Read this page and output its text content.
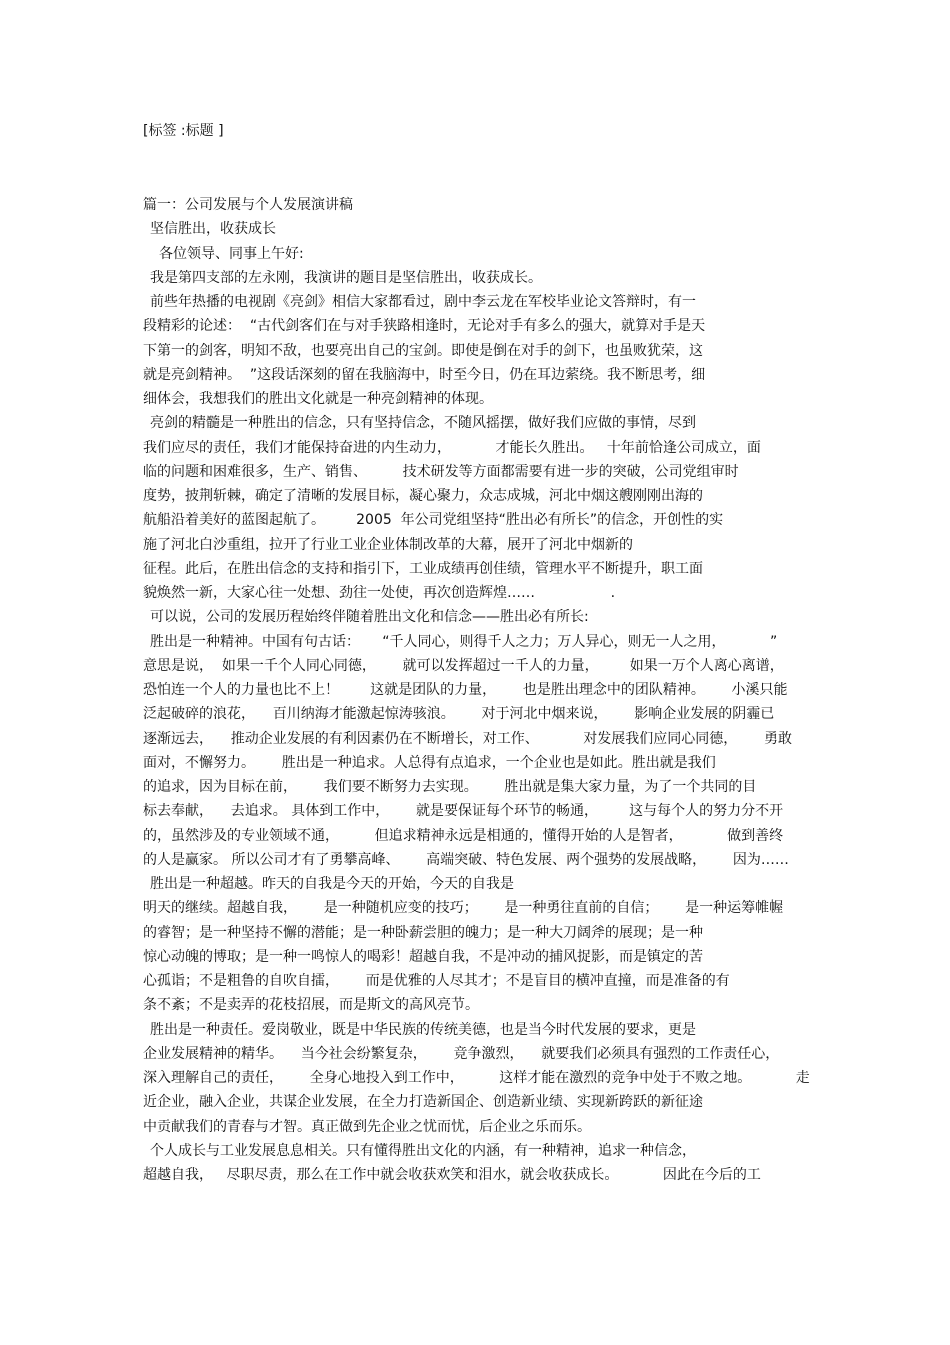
[标签 :标题 ]
篇一：公司发展与个人发展演讲稿
坚信胜出，收获成长
各位领导、同事上午好:
我是第四支部的左永刚，我演讲的题目是坚信胜出，收获成长。
前些年热播的电视剧《亮剑》相信大家都看过，剧中李云龙在军校毕业论文答辩时，有一
段精彩的论述：  “古代剑客们在与对手狭路相逢时，无论对手有多么的强大，就算对手是天
下第一的剑客，明知不敌，也要亮出自己的宝剑。即使是倒在对手的剑下，也虽败犹荣，这
就是亮剑精神。  ”这段话深刻的留在我脑海中，时至今日，仍在耳边萦绕。我不断思考，细
细体会，我想我们的胜出文化就是一种亮剑精神的体现。
亮剑的精髓是一种胜出的信念，只有坚持信念，不随风摇摆，做好我们应做的事情，尽到
我们应尽的责任，我们才能保持奋进的内生动力，          才能长久胜出。   十年前恰逢公司成立，面
临的问题和困难很多，生产、销售、        技术研发等方面都需要有进一步的突破，公司党组审时
度势，披荆斩棘，确定了清晰的发展目标，凝心聚力，众志成城，河北中烟这艘刚刚出海的
航船沿着美好的蓝图起航了。       2005  年公司党组坚持“胜出必有所长”的信念，开创性的实
施了河北白沙重组，拉开了行业工业企业体制改革的大幕，展开了河北中烟新的
征程。此后，在胜出信念的支持和指引下，工业成绩再创佳绩，管理水平不断提升，职工面
貌焕然一新，大家心往一处想、劲往一处使，再次创造辉煌……                 .
可以说，公司的发展历程始终伴随着胜出文化和信念——胜出必有所长:
胜出是一种精神。中国有句古话：     “千人同心，则得千人之力；万人异心，则无一人之用，          ”
意思是说，  如果一千个人同心同德，      就可以发挥超过一千人的力量，       如果一万个人离心离谱，
恐怕连一个人的力量也比不上！       这就是团队的力量，      也是胜出理念中的团队精神。      小溪只能
泛起破碎的浪花，    百川纳海才能激起惊涛骇浪。      对于河北中烟来说，      影响企业发展的阴霾已
逐渐远去，    推动企业发展的有利因素仍在不断增长，对工作、          对发展我们应同心同德，      勇敢
面对，不懈努力。      胜出是一种追求。人总得有点追求，一个企业也是如此。胜出就是我们
的追求，因为目标在前，      我们要不断努力去实现。      胜出就是集大家力量，为了一个共同的目
标去奉献，    去追求。 具体到工作中，      就是要保证每个环节的畅通，       这与每个人的努力分不开
的，虽然涉及的专业领域不通，        但追求精神永远是相通的，懂得开始的人是智者，          做到善终
的人是赢家。 所以公司才有了勇攀高峰、      高端突破、特色发展、两个强势的发展战略，      因为……
胜出是一种超越。昨天的自我是今天的开始，今天的自我是
明天的继续。超越自我，      是一种随机应变的技巧；      是一种勇往直前的自信；      是一种运筹帷幄
的睿智；是一种坚持不懈的潜能；是一种卧薪尝胆的魄力；是一种大刀阔斧的展现；是一种
惊心动魄的博取；是一种一鸣惊人的喝彩！超越自我，不是冲动的捕风捉影，而是镇定的苦
心孤诣；不是粗鲁的自吹自擂，      而是优雅的人尽其才；不是盲目的横冲直撞，而是准备的有
条不紊；不是卖弄的花枝招展，而是斯文的高风亮节。
胜出是一种责任。爱岗敬业，既是中华民族的传统美德，也是当今时代发展的要求，更是
企业发展精神的精华。    当今社会纷繁复杂，      竞争激烈，    就要我们必须具有强烈的工作责任心，
深入理解自己的责任，      全身心地投入到工作中，        这样才能在激烈的竞争中处于不败之地。          走
近企业，融入企业，共谋企业发展，在全力打造新国企、创造新业绩、实现新跨跃的新征途
中贡献我们的青春与才智。真正做到先企业之忧而忧，后企业之乐而乐。
个人成长与工业发展息息相关。只有懂得胜出文化的内涵，有一种精神，追求一种信念，
超越自我，   尽职尽责，那么在工作中就会收获欢笑和泪水，就会收获成长。          因此在今后的工
